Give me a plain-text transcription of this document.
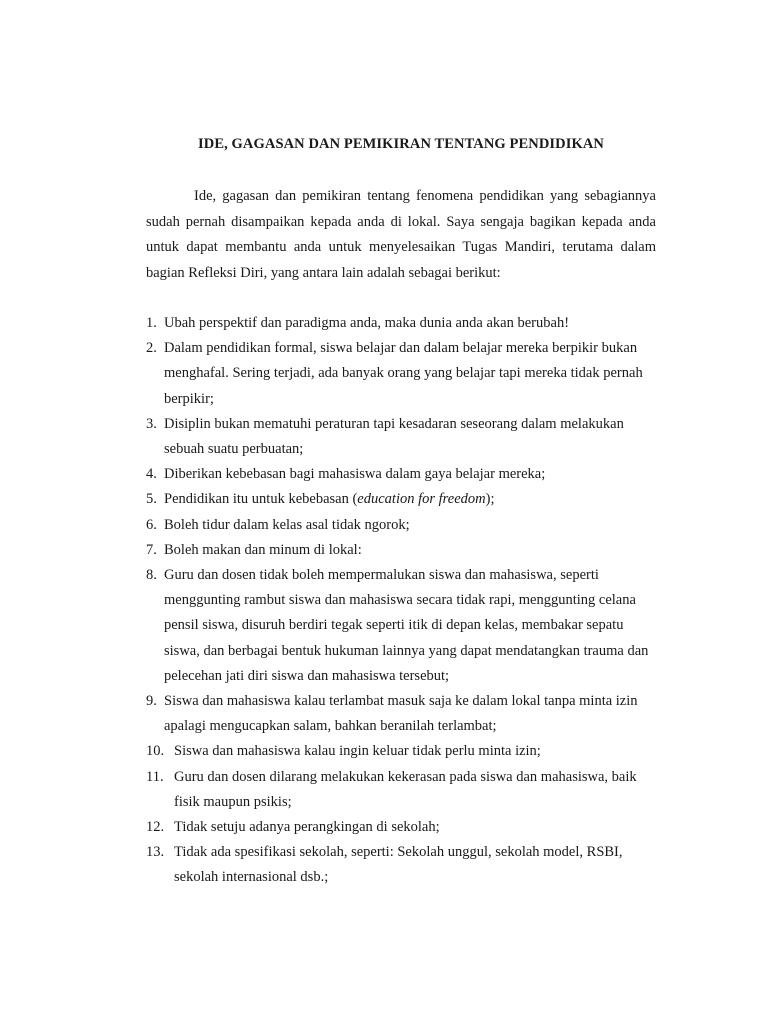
IDE, GAGASAN DAN PEMIKIRAN TENTANG PENDIDIKAN

Ide, gagasan dan pemikiran tentang fenomena pendidikan yang sebagiannya sudah pernah disampaikan kepada anda di lokal. Saya sengaja bagikan kepada anda untuk dapat membantu anda untuk menyelesaikan Tugas Mandiri, terutama dalam bagian Refleksi Diri, yang antara lain adalah sebagai berikut:

1. Ubah perspektif dan paradigma anda, maka dunia anda akan berubah!
2. Dalam pendidikan formal, siswa belajar dan dalam belajar mereka berpikir bukan menghafal. Sering terjadi, ada banyak orang yang belajar tapi mereka tidak pernah berpikir;
3. Disiplin bukan mematuhi peraturan tapi kesadaran seseorang dalam melakukan sebuah suatu perbuatan;
4. Diberikan kebebasan bagi mahasiswa dalam gaya belajar mereka;
5. Pendidikan itu untuk kebebasan (education for freedom);
6. Boleh tidur dalam kelas asal tidak ngorok;
7. Boleh makan dan minum di lokal:
8. Guru dan dosen tidak boleh mempermalukan siswa dan mahasiswa, seperti menggunting rambut siswa dan mahasiswa secara tidak rapi, menggunting celana pensil siswa, disuruh berdiri tegak seperti itik di depan kelas, membakar sepatu siswa, dan berbagai bentuk hukuman lainnya yang dapat mendatangkan trauma dan pelecehan jati diri siswa dan mahasiswa tersebut;
9. Siswa dan mahasiswa kalau terlambat masuk saja ke dalam lokal tanpa minta izin apalagi mengucapkan salam, bahkan beranilah terlambat;
10. Siswa dan mahasiswa kalau ingin keluar tidak perlu minta izin;
11. Guru dan dosen dilarang melakukan kekerasan pada siswa dan mahasiswa, baik fisik maupun psikis;
12. Tidak setuju adanya perangkingan di sekolah;
13. Tidak ada spesifikasi sekolah, seperti: Sekolah unggul, sekolah model, RSBI, sekolah internasional dsb.;
